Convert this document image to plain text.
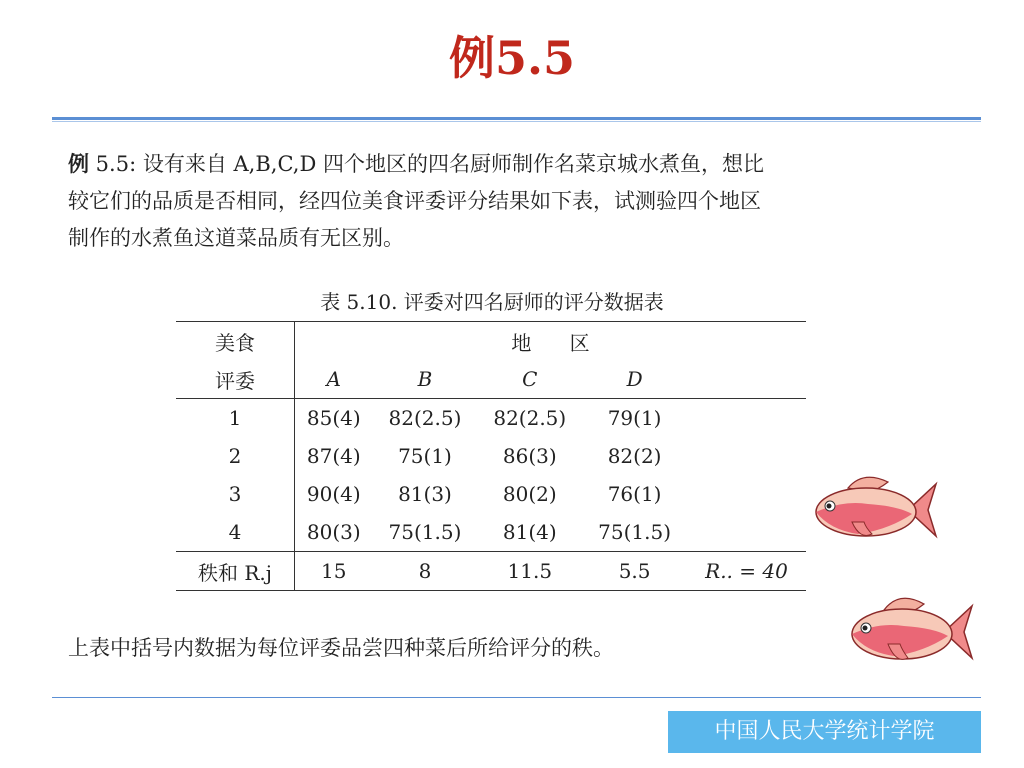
例5.5
例 5.5: 设有来自 A,B,C,D 四个地区的四名厨师制作名菜京城水煮鱼，想比
较它们的品质是否相同，经四位美食评委评分结果如下表，试测验四个地区
制作的水煮鱼这道菜品质有无区别。
表 5.10. 评委对四名厨师的评分数据表
美食	地 区				
评委	A	B	C	D	
1	85(4)	82(2.5)	82(2.5)	79(1)	
2	87(4)	75(1)	86(3)	82(2)	
3	90(4)	81(3)	80(2)	76(1)	
4	80(3)	75(1.5)	81(4)	75(1.5)	
秩和 R.j	15	8	11.5	5.5	R.. = 40
上表中括号内数据为每位评委品尝四种菜后所给评分的秩。
中国人民大学统计学院
